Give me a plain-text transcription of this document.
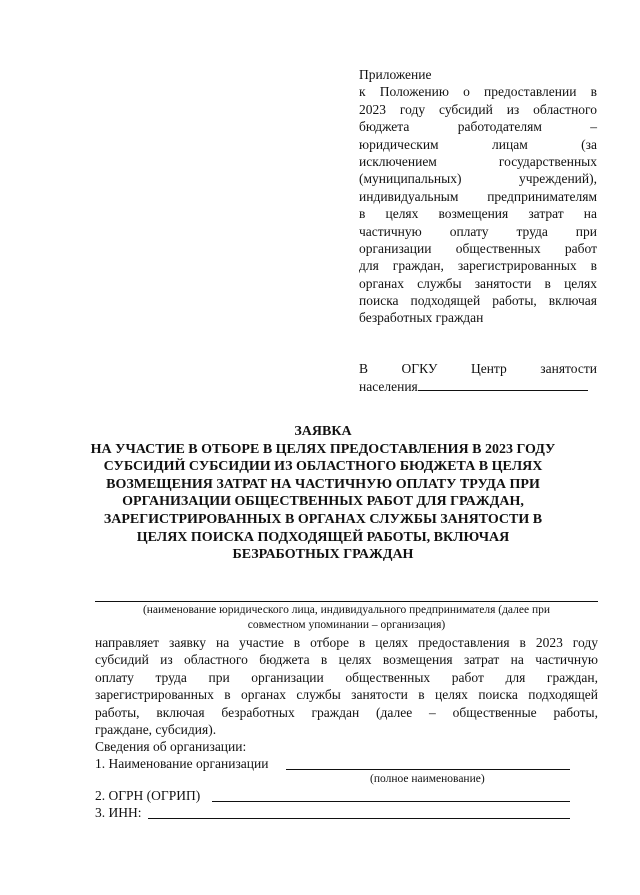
Приложение
к Положению о предоставлении в
2023 году субсидий из областного
бюджета работодателям –
юридическим лицам (за
исключением государственных
(муниципальных) учреждений),
индивидуальным предпринимателям
в целях возмещения затрат на
частичную оплату труда при
организации общественных работ
для граждан, зарегистрированных в
органах службы занятости в целях
поиска подходящей работы, включая
безработных граждан
В ОГКУ Центр занятости
населения
ЗАЯВКА
НА УЧАСТИЕ В ОТБОРЕ В ЦЕЛЯХ ПРЕДОСТАВЛЕНИЯ В 2023 ГОДУ
СУБСИДИЙ СУБСИДИИ ИЗ ОБЛАСТНОГО БЮДЖЕТА В ЦЕЛЯХ
ВОЗМЕЩЕНИЯ ЗАТРАТ НА ЧАСТИЧНУЮ ОПЛАТУ ТРУДА ПРИ
ОРГАНИЗАЦИИ ОБЩЕСТВЕННЫХ РАБОТ ДЛЯ ГРАЖДАН,
ЗАРЕГИСТРИРОВАННЫХ В ОРГАНАХ СЛУЖБЫ ЗАНЯТОСТИ В
ЦЕЛЯХ ПОИСКА ПОДХОДЯЩЕЙ РАБОТЫ, ВКЛЮЧАЯ
БЕЗРАБОТНЫХ ГРАЖДАН
(наименование юридического лица, индивидуального предпринимателя (далее при
совместном упоминании – организация)
направляет заявку на участие в отборе в целях предоставления в 2023 году
субсидий из областного бюджета в целях возмещения затрат на частичную
оплату труда при организации общественных работ для граждан,
зарегистрированных в органах службы занятости в целях поиска подходящей
работы, включая безработных граждан (далее – общественные работы,
граждане, субсидия).
Сведения об организации:
1. Наименование организации
(полное наименование)
2. ОГРН (ОГРИП)
3. ИНН:
